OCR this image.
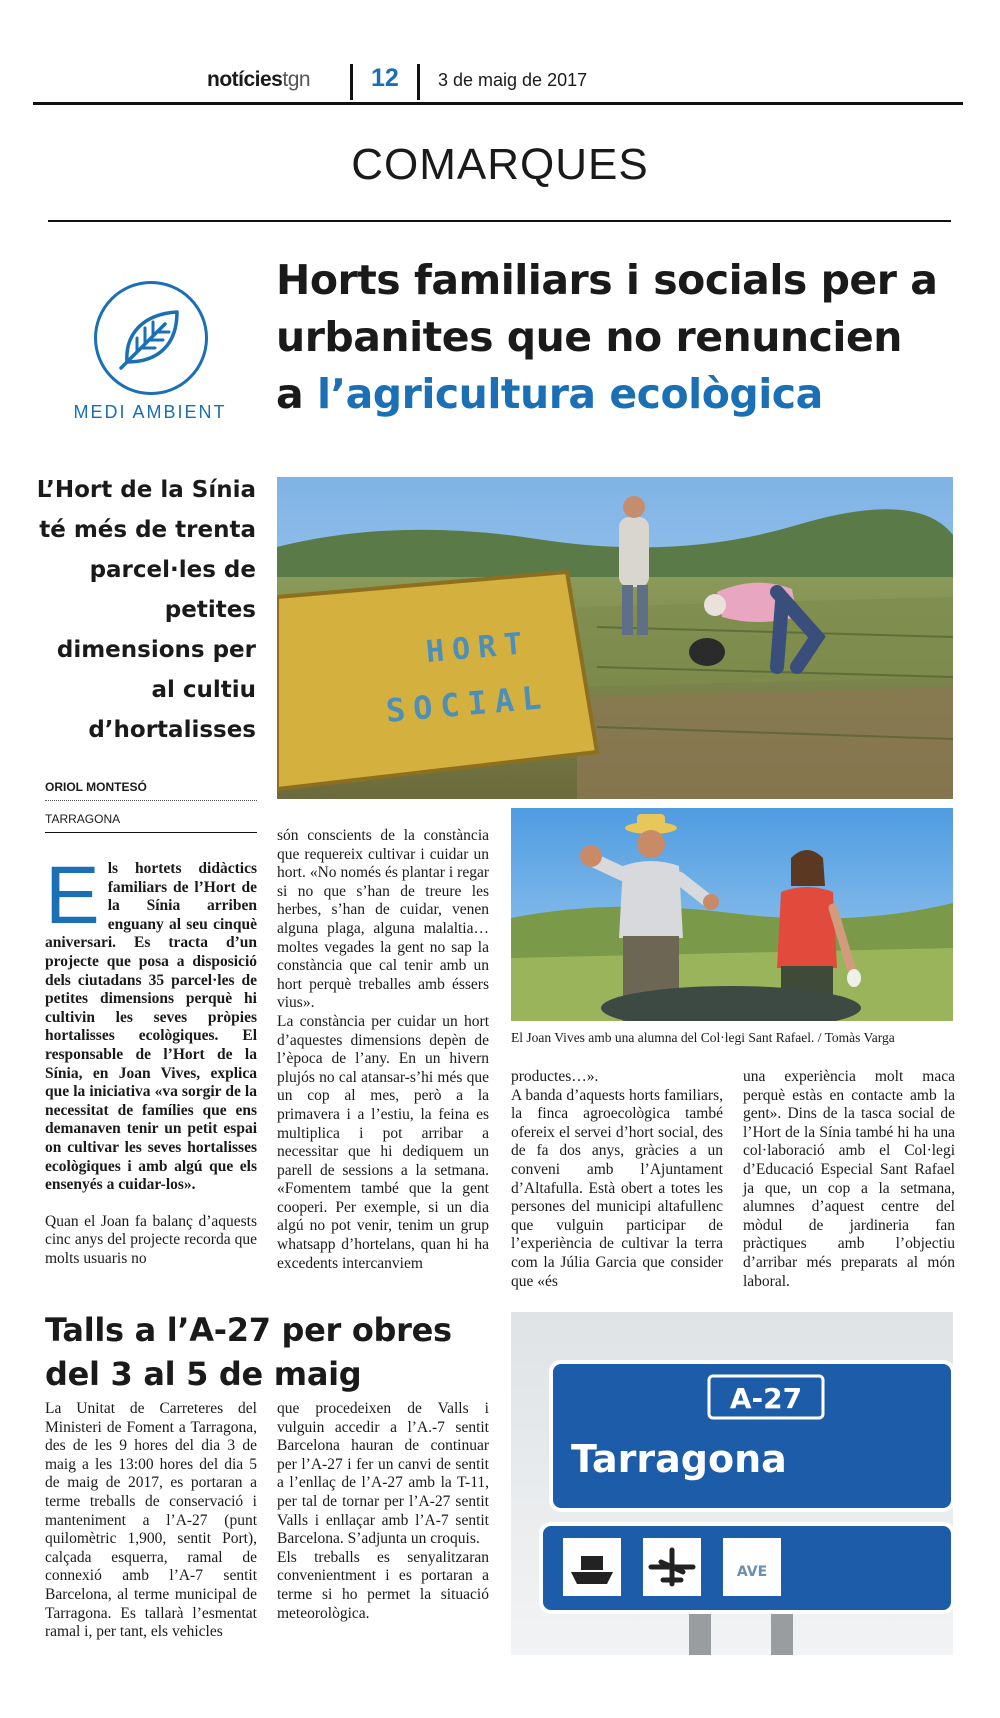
notíciestgn 12 3 de maig de 2017
COMARQUES
MEDI AMBIENT
Horts familiars i socials per a
urbanites que no renuncien
a l’agricultura ecològica
L’Hort de la Sínia té més de trenta parcel·les de petites dimensions per al cultiu d’hortalisses
ORIOL MONTESÓ
TARRAGONA
HORT
SOCIAL

Els hortets didàctics familiars de l’Hort de la Sínia arriben enguany al seu cinquè aniversari. Es tracta d’un projecte que posa a disposició dels ciutadans 35 parcel·les de petites dimensions perquè hi cultivin les seves pròpies hortalisses ecològiques. El responsable de l’Hort de la Sínia, en Joan Vives, explica que la iniciativa «va sorgir de la necessitat de famílies que ens demanaven tenir un petit espai on cultivar les seves hortalisses ecològiques i amb algú que els ensenyés a cuidar-los».

Quan el Joan fa balanç d’aquests cinc anys del projecte recorda que molts usuaris no

són conscients de la constància que requereix cultivar i cuidar un hort. «No només és plantar i regar si no que s’han de treure les herbes, s’han de cuidar, venen alguna plaga, alguna malaltia… moltes vegades la gent no sap la constància que cal tenir amb un hort perquè treballes amb éssers vius».

La constància per cuidar un hort d’aquestes dimensions depèn de l’època de l’any. En un hivern plujós no cal atansar-s’hi més que un cop al mes, però a la primavera i a l’estiu, la feina es multiplica i pot arribar a necessitar que hi dediquem un parell de sessions a la setmana. «Fomentem també que la gent cooperi. Per exemple, si un dia algú no pot venir, tenim un grup whatsapp d’hortelans, quan hi ha excedents intercanviem

El Joan Vives amb una alumna del Col·legi Sant Rafael. / Tomàs Varga

productes…».

A banda d’aquests horts familiars, la finca agroecològica també ofereix el servei d’hort social, des de fa dos anys, gràcies a un conveni amb l’Ajuntament d’Altafulla. Està obert a totes les persones del municipi altafullenc que vulguin participar de l’experiència de cultivar la terra com la Júlia Garcia que consider que «és

una experiència molt maca perquè estàs en contacte amb la gent». Dins de la tasca social de l’Hort de la Sínia també hi ha una col·laboració amb el Col·legi d’Educació Especial Sant Rafael ja que, un cop a la setmana, alumnes d’aquest centre del mòdul de jardineria fan pràctiques amb l’objectiu d’arribar més preparats al món laboral.

Talls a l’A-27 per obres
del 3 al 5 de maig

La Unitat de Carreteres del Ministeri de Foment a Tarragona, des de les 9 hores del dia 3 de maig a les 13:00 hores del dia 5 de maig de 2017, es portaran a terme treballs de conservació i manteniment a l’A-27 (punt quilomètric 1,900, sentit Port), calçada esquerra, ramal de connexió amb l’A-7 sentit Barcelona, al terme municipal de Tarragona. Es tallarà l’esmentat ramal i, per tant, els vehicles

que procedeixen de Valls i vulguin accedir a l’A.-7 sentit Barcelona hauran de continuar per l’A-27 i fer un canvi de sentit a l’enllaç de l’A-27 amb la T-11, per tal de tornar per l’A-27 sentit Valls i enllaçar amb l’A-7 sentit Barcelona. S’adjunta un croquis.

Els treballs es senyalitzaran convenientment i es portaran a terme si ho permet la situació meteorològica.

A-27
Tarragona
AVE
